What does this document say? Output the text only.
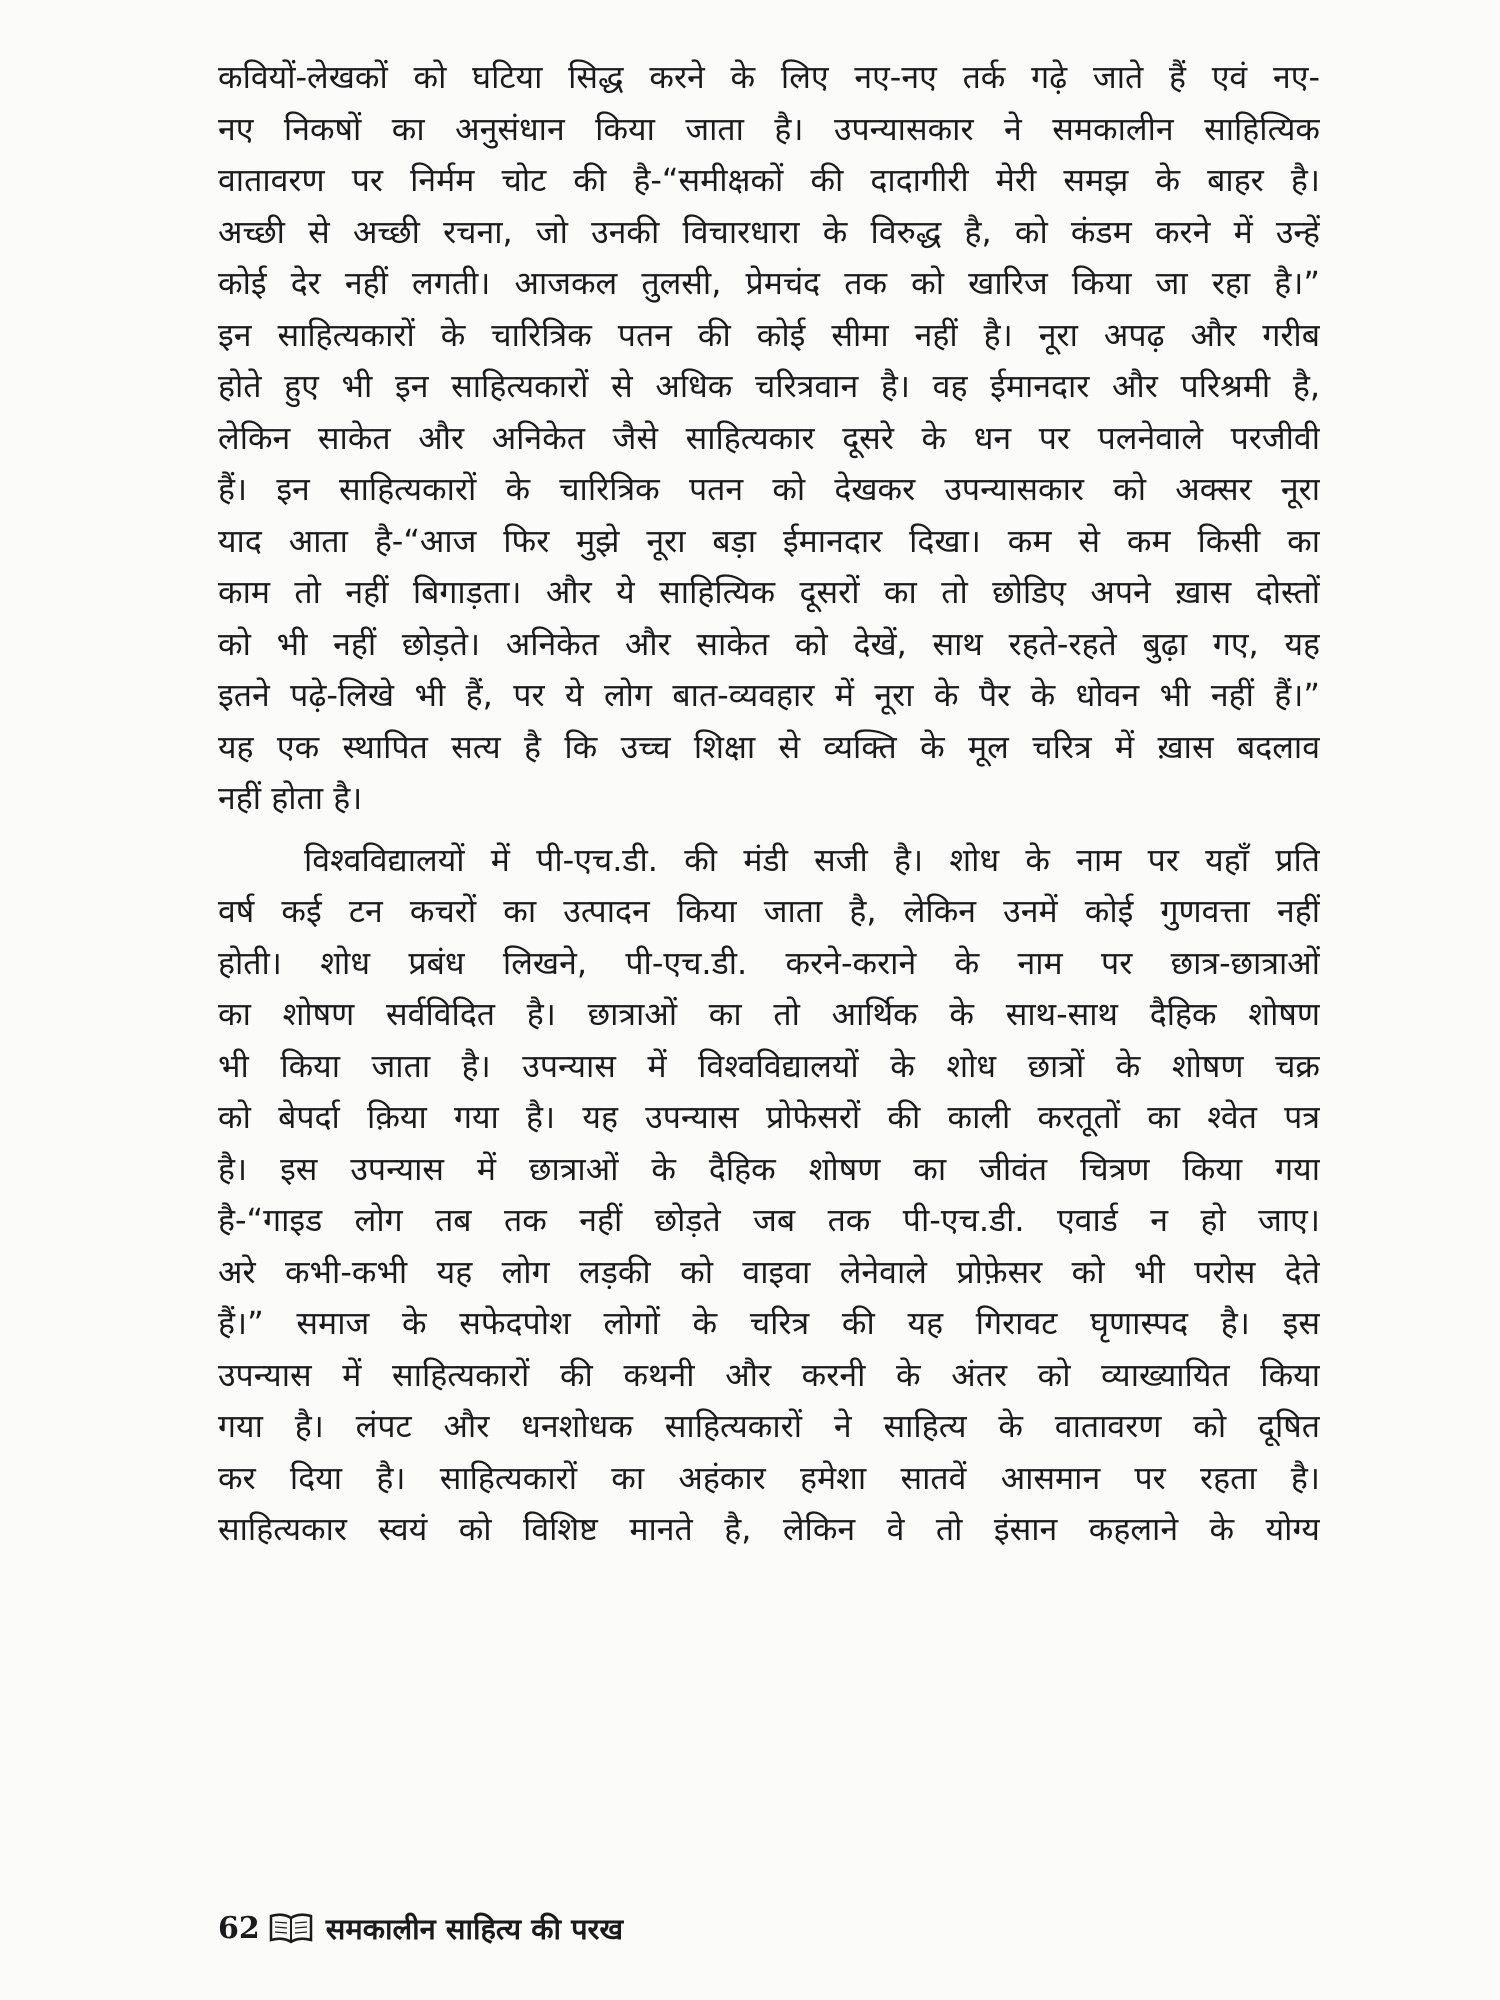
कवियों-लेखकों को घटिया सिद्ध करने के लिए नए-नए तर्क गढ़े जाते हैं एवं नए-
नए निकषों का अनुसंधान किया जाता है। उपन्यासकार ने समकालीन साहित्यिक
वातावरण पर निर्मम चोट की है-“समीक्षकों की दादागीरी मेरी समझ के बाहर है।
अच्छी से अच्छी रचना, जो उनकी विचारधारा के विरुद्ध है, को कंडम करने में उन्हें
कोई देर नहीं लगती। आजकल तुलसी, प्रेमचंद तक को खारिज किया जा रहा है।”
इन साहित्यकारों के चारित्रिक पतन की कोई सीमा नहीं है। नूरा अपढ़ और गरीब
होते हुए भी इन साहित्यकारों से अधिक चरित्रवान है। वह ईमानदार और परिश्रमी है,
लेकिन साकेत और अनिकेत जैसे साहित्यकार दूसरे के धन पर पलनेवाले परजीवी
हैं। इन साहित्यकारों के चारित्रिक पतन को देखकर उपन्यासकार को अक्सर नूरा
याद आता है-“आज फिर मुझे नूरा बड़ा ईमानदार दिखा। कम से कम किसी का
काम तो नहीं बिगाड़ता। और ये साहित्यिक दूसरों का तो छोडिए अपने ख़ास दोस्तों
को भी नहीं छोड़ते। अनिकेत और साकेत को देखें, साथ रहते-रहते बुढ़ा गए, यह
इतने पढ़े-लिखे भी हैं, पर ये लोग बात-व्यवहार में नूरा के पैर के धोवन भी नहीं हैं।”
यह एक स्थापित सत्य है कि उच्च शिक्षा से व्यक्ति के मूल चरित्र में ख़ास बदलाव
नहीं होता है।
विश्वविद्यालयों में पी-एच.डी. की मंडी सजी है। शोध के नाम पर यहाँ प्रति
वर्ष कई टन कचरों का उत्पादन किया जाता है, लेकिन उनमें कोई गुणवत्ता नहीं
होती। शोध प्रबंध लिखने, पी-एच.डी. करने-कराने के नाम पर छात्र-छात्राओं
का शोषण सर्वविदित है। छात्राओं का तो आर्थिक के साथ-साथ दैहिक शोषण
भी किया जाता है। उपन्यास में विश्वविद्यालयों के शोध छात्रों के शोषण चक्र
को बेपर्दा क़िया गया है। यह उपन्यास प्रोफेसरों की काली करतूतों का श्वेत पत्र
है। इस उपन्यास में छात्राओं के दैहिक शोषण का जीवंत चित्रण किया गया
है-“गाइड लोग तब तक नहीं छोड़ते जब तक पी-एच.डी. एवार्ड न हो जाए।
अरे कभी-कभी यह लोग लड़की को वाइवा लेनेवाले प्रोफ़ेसर को भी परोस देते
हैं।” समाज के सफेदपोश लोगों के चरित्र की यह गिरावट घृणास्पद है। इस
उपन्यास में साहित्यकारों की कथनी और करनी के अंतर को व्याख्यायित किया
गया है। लंपट और धनशोधक साहित्यकारों ने साहित्य के वातावरण को दूषित
कर दिया है। साहित्यकारों का अहंकार हमेशा सातवें आसमान पर रहता है।
साहित्यकार स्वयं को विशिष्ट मानते है, लेकिन वे तो इंसान कहलाने के योग्य
62 समकालीन साहित्य की परख
